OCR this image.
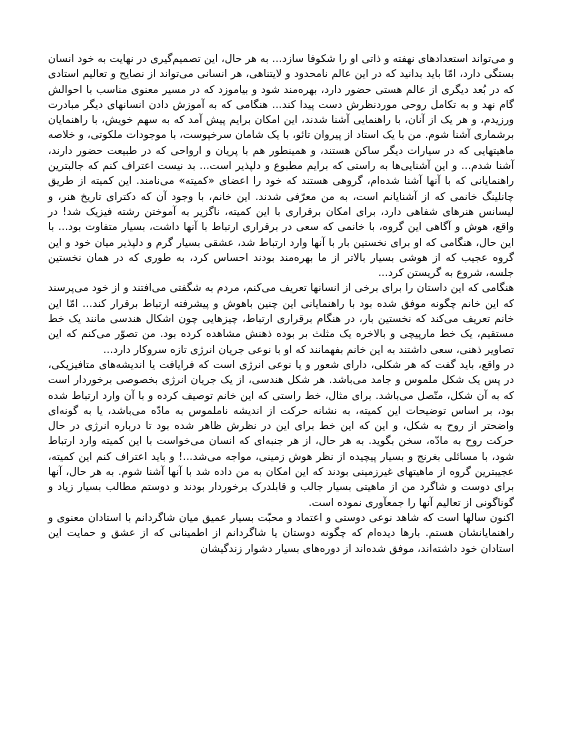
و می‌تواند استعدادهای نهفته و ذاتی او را شکوفا سازد... به هر حال، این تصمیم‌گیری در نهایت به خود انسان بستگی دارد، امّا باید بدانید که در این عالم نامحدود و لایتناهی، هر انسانی می‌تواند از نصایح و تعالیم استادی که در بُعد دیگری از عالم هستی حضور دارد، بهره‌مند شود و بیاموزد که در مسیر معنوی مناسب با احوالش گام نهد و به تکامل روحی موردنظرش دست پیدا کند... هنگامی که به آموزش دادن انسانهای دیگر مبادرت ورزیدم، و هر یک از آنان، با راهنمایی آشنا شدند، این امکان برایم پیش آمد که به سهم خویش، با راهنمایان برشماری آشنا شوم. من با یک استاد از پیروان تائو، با یک شامان سرخپوست، با موجودات ملکوتی، و خلاصه ماهیتهایی که در سیارات دیگر ساکن هستند، و همینطور هم با پریان و ارواحی که در طبیعت حضور دارند، آشنا شدم... و این آشنایی‌ها به راستی که برایم مطبوع و دلپذیر است... بد نیست اعتراف کنم که جالبترین راهنمایانی که با آنها آشنا شده‌ام، گروهی هستند که خود را اعضای «کمیته» می‌نامند. این کمیته از طریق چانلینگ خانمی که از آشنایانم است، به من معرّفی شدند. این خانم، با وجود آن که دکترای تاریخ هنر، و لیسانس هنرهای شفاهی دارد، برای امکان برقراری با این کمیته، ناگزیر به آموختن رشته فیزیک شد! در واقع، هوش و آگاهی این گروه، با خانمی که سعی در برقراری ارتباط با آنها داشت، بسیار متفاوت بود... با این حال، هنگامی که او برای نخستین بار با آنها وارد ارتباط شد، عشقی بسیار گرم و دلپذیر میان خود و این گروه عجیب که از هوشی بسیار بالاتر از ما بهره‌مند بودند احساس کرد، به طوری که در همان نخستین جلسه، شروع به گریستن کرد...

هنگامی که این داستان را برای برخی از انسانها تعریف می‌کنم، مردم به شگفتی می‌افتند و از خود می‌پرسند که این خانم چگونه موفق شده بود با راهنمایانی این چنین باهوش و پیشرفته ارتباط برقرار کند... امّا این خانم تعریف می‌کند که نخستین بار، در هنگام برقراری ارتباط، چیزهایی چون اشکال هندسی مانند یک خط مستقیم، یک خط مارپیچی و بالاخره یک مثلث بر بوده ذهنش مشاهده کرده بود. من تصوّر می‌کنم که این تصاویر ذهنی، سعی داشتند به این خانم بفهمانند که او با نوعی جریان انرژی تازه سروکار دارد...

در واقع، باید گفت که هر شکلی، دارای شعور و یا نوعی انرژی است که فرایافت یا اندیشه‌های متافیزیکی، در پس یک شکل ملموس و جامد می‌باشد. هر شکل هندسی، از یک جریان انرژی بخصوصی برخوردار است که به آن شکل، متّصل می‌باشد. برای مثال، خط راستی که این خانم توصیف کرده و با آن وارد ارتباط شده بود، بر اساس توضیحات این کمیته، به نشانه حرکت از اندیشه ناملموس به مادّه می‌باشد، یا به گونه‌ای واضحتر از روح به شکل، و این که این خط برای این در نظرش ظاهر شده بود تا درباره انرژی در حال حرکت روح به مادّه، سخن بگوید. به هر حال، از هر جنبه‌ای که انسان می‌خواست با این کمیته وارد ارتباط شود، با مسائلی بغرنج و بسیار پیچیده از نظر هوش زمینی، مواجه می‌شد...! و باید اعتراف کنم این کمیته، عجیبترین گروه از ماهیتهای غیرزمینی بودند که این امکان به من داده شد با آنها آشنا شوم. به هر حال، آنها برای دوست و شاگرد من از ماهیتی بسیار جالب و قابلدرک برخوردار بودند و دوستم مطالب بسیار زیاد و گوناگونی از تعالیم آنها را جمعآوری نموده است.

اکنون سالها است که شاهد نوعی دوستی و اعتماد و محبّت بسیار عمیق میان شاگردانم با استادان معنوی و راهنمایانشان هستم. بارها دیده‌ام که چگونه دوستان یا شاگردانم از اطمینانی که از عشق و حمایت این استادان خود داشته‌اند، موفق شده‌اند از دوره‌های بسیار دشوار زندگیشان
